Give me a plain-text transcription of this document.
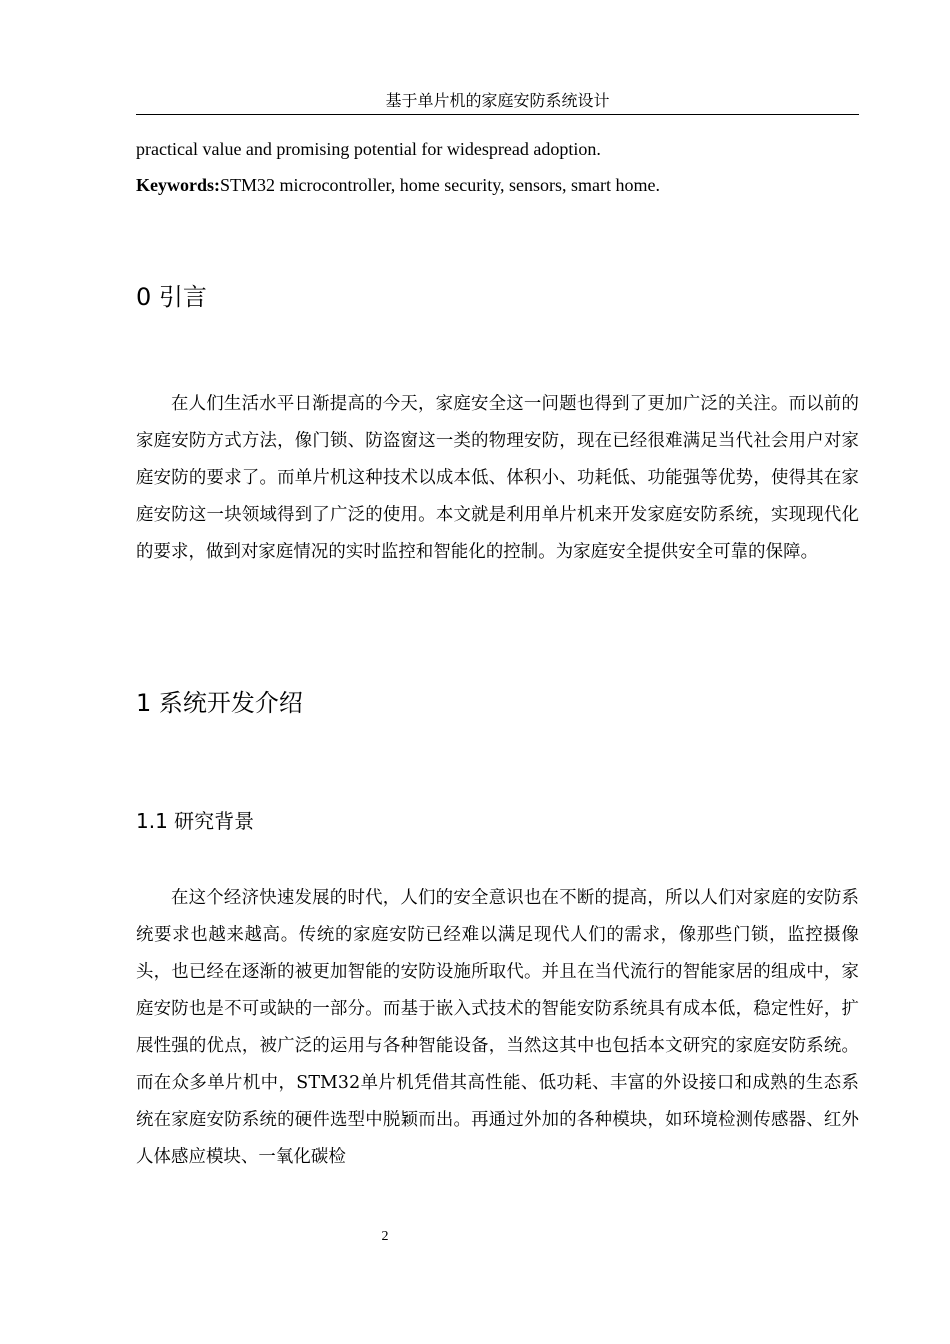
基于单片机的家庭安防系统设计
practical value and promising potential for widespread adoption.
Keywords:STM32 microcontroller, home security, sensors, smart home.
0 引言

在人们生活水平日渐提高的今天，家庭安全这一问题也得到了更加广泛的关注。而以前的家庭安防方式方法，像门锁、防盗窗这一类的物理安防，现在已经很难满足当代社会用户对家庭安防的要求了。而单片机这种技术以成本低、体积小、功耗低、功能强等优势，使得其在家庭安防这一块领域得到了广泛的使用。本文就是利用单片机来开发家庭安防系统，实现现代化的要求，做到对家庭情况的实时监控和智能化的控制。为家庭安全提供安全可靠的保障。

1 系统开发介绍
1.1 研究背景

在这个经济快速发展的时代，人们的安全意识也在不断的提高，所以人们对家庭的安防系统要求也越来越高。传统的家庭安防已经难以满足现代人们的需求，像那些门锁，监控摄像头，也已经在逐渐的被更加智能的安防设施所取代。并且在当代流行的智能家居的组成中，家庭安防也是不可或缺的一部分。而基于嵌入式技术的智能安防系统具有成本低，稳定性好，扩展性强的优点，被广泛的运用与各种智能设备，当然这其中也包括本文研究的家庭安防系统。而在众多单片机中，STM32单片机凭借其高性能、低功耗、丰富的外设接口和成熟的生态系统在家庭安防系统的硬件选型中脱颖而出。再通过外加的各种模块，如环境检测传感器、红外人体感应模块、一氧化碳检

2
